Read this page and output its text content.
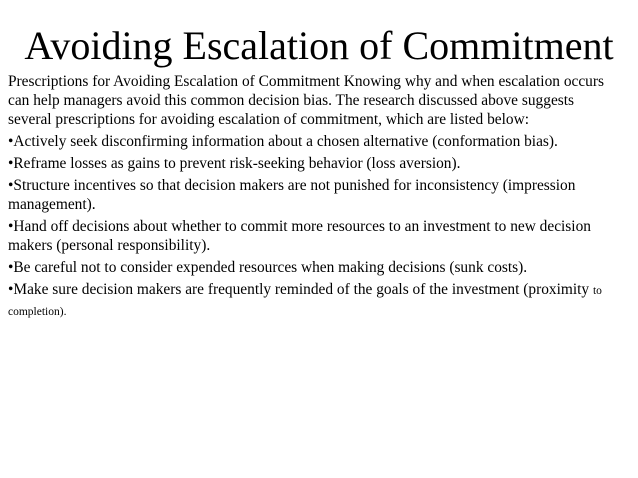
Avoiding Escalation of Commitment

Prescriptions for Avoiding Escalation of Commitment Knowing why and when escalation occurs can help managers avoid this common decision bias. The research discussed above suggests several prescriptions for avoiding escalation of commitment, which are listed below:

•Actively seek disconfirming information about a chosen alternative (conformation bias).
•Reframe losses as gains to prevent risk-seeking behavior (loss aversion).
•Structure incentives so that decision makers are not punished for inconsistency (impression management).
•Hand off decisions about whether to commit more resources to an investment to new decision makers (personal responsibility).
•Be careful not to consider expended resources when making decisions (sunk costs).
•Make sure decision makers are frequently reminded of the goals of the investment (proximity to completion).
